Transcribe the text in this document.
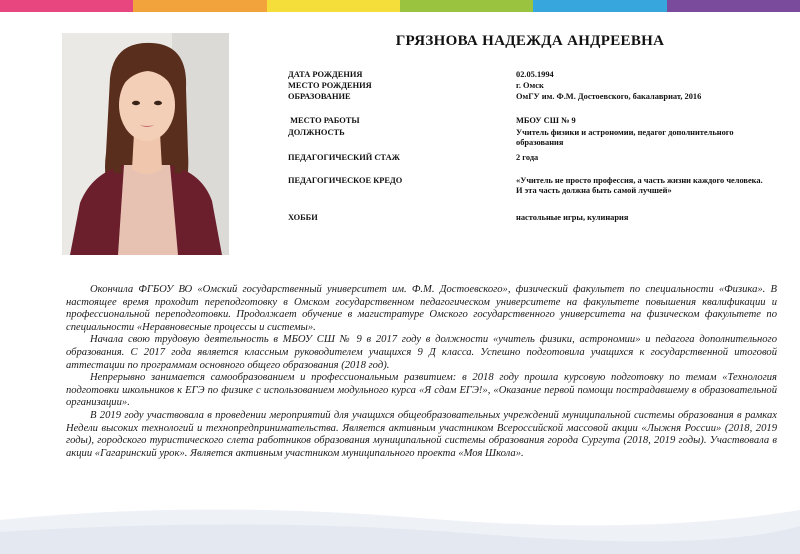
ГРЯЗНОВА НАДЕЖДА АНДРЕЕВНА
ДАТА РОЖДЕНИЯ	02.05.1994
МЕСТО РОЖДЕНИЯ	г. Омск
ОБРАЗОВАНИЕ	ОмГУ им. Ф.М. Достоевского, бакалавриат, 2016
МЕСТО РАБОТЫ	МБОУ СШ № 9
ДОЛЖНОСТЬ	Учитель физики и астрономии, педагог дополнительного образования
ПЕДАГОГИЧЕСКИЙ СТАЖ	2 года
ПЕДАГОГИЧЕСКОЕ КРЕДО	«Учитель не просто профессия, а часть жизни каждого человека. И эта часть должна быть самой лучшей»
ХОББИ	настольные игры, кулинария

Окончила ФГБОУ ВО «Омский государственный университет им. Ф.М. Достоевского», физический факультет по специальности «Физика». В настоящее время проходит переподготовку в Омском государственном педагогическом университете на факультете повышения квалификации и профессиональной переподготовки. Продолжает обучение в магистратуре Омского государственного университета на физическом факультете по специальности «Неравновесные процессы и системы».

Начала свою трудовую деятельность в МБОУ СШ № 9 в 2017 году в должности «учитель физики, астрономии» и педагога дополнительного образования. С 2017 года является классным руководителем учащихся 9 Д класса. Успешно подготовила учащихся к государственной итоговой аттестации по программам основного общего образования (2018 год).

Непрерывно занимается самообразованием и профессиональным развитием: в 2018 году прошла курсовую подготовку по темам «Технология подготовки школьников к ЕГЭ по физике с использованием модульного курса «Я сдам ЕГЭ!», «Оказание первой помощи пострадавшему в образовательной организации».

В 2019 году участвовала в проведении мероприятий для учащихся общеобразовательных учреждений муниципальной системы образования в рамках Недели высоких технологий и технопредпринимательства. Является активным участником Всероссийской массовой акции «Лыжня России» (2018, 2019 годы), городского туристического слета работников образования муниципальной системы образования города Сургута (2018, 2019 годы). Участвовала в акции «Гагаринский урок». Является активным участником муниципального проекта «Моя Школа».
